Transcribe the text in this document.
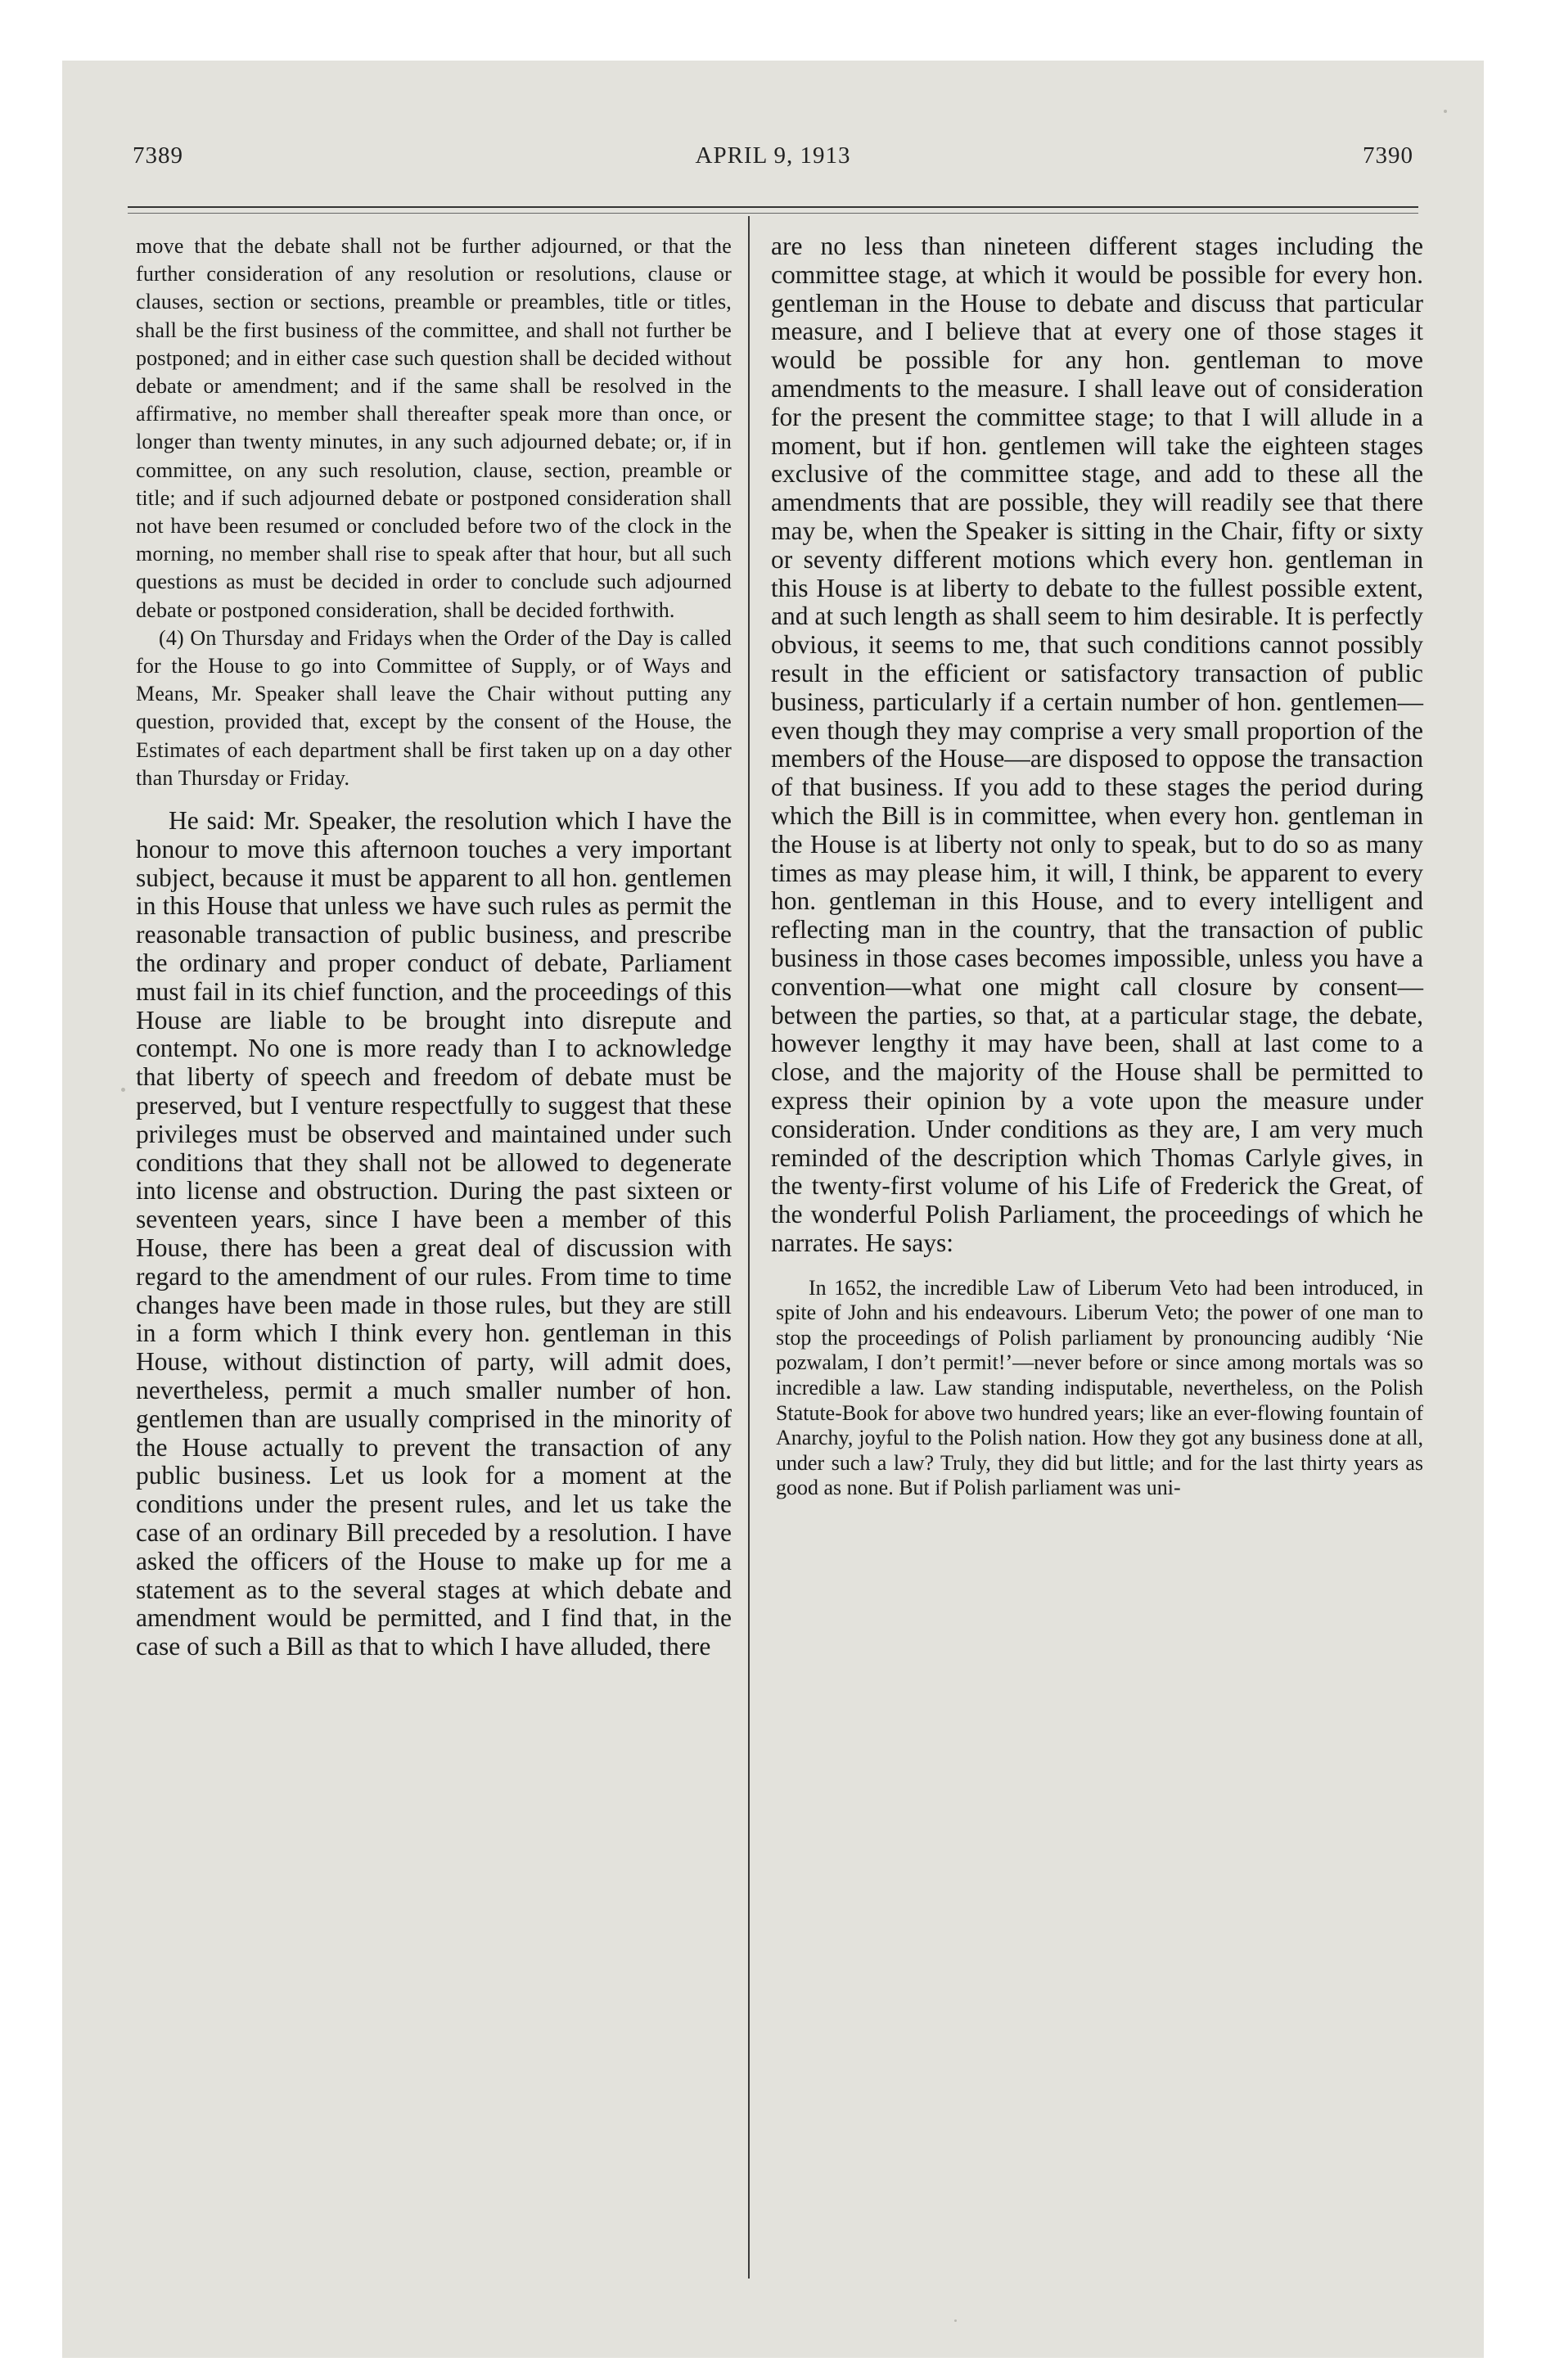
7389	APRIL 9, 1913	7390

move that the debate shall not be further adjourned, or that the further consideration of any resolution or resolutions, clause or clauses, section or sections, preamble or preambles, title or titles, shall be the first business of the committee, and shall not further be postponed; and in either case such question shall be decided without debate or amendment; and if the same shall be resolved in the affirmative, no member shall thereafter speak more than once, or longer than twenty minutes, in any such adjourned debate; or, if in committee, on any such resolution, clause, section, preamble or title; and if such adjourned debate or postponed consideration shall not have been resumed or concluded before two of the clock in the morning, no member shall rise to speak after that hour, but all such questions as must be decided in order to conclude such adjourned debate or postponed consideration, shall be decided forthwith.

(4) On Thursday and Fridays when the Order of the Day is called for the House to go into Committee of Supply, or of Ways and Means, Mr. Speaker shall leave the Chair without putting any question, provided that, except by the consent of the House, the Estimates of each department shall be first taken up on a day other than Thursday or Friday.

He said: Mr. Speaker, the resolution which I have the honour to move this afternoon touches a very important subject, because it must be apparent to all hon. gentlemen in this House that unless we have such rules as permit the reasonable transaction of public business, and prescribe the ordinary and proper conduct of debate, Parliament must fail in its chief function, and the proceedings of this House are liable to be brought into disrepute and contempt. No one is more ready than I to acknowledge that liberty of speech and freedom of debate must be preserved, but I venture respectfully to suggest that these privileges must be observed and maintained under such conditions that they shall not be allowed to degenerate into license and obstruction. During the past sixteen or seventeen years, since I have been a member of this House, there has been a great deal of discussion with regard to the amendment of our rules. From time to time changes have been made in those rules, but they are still in a form which I think every hon. gentleman in this House, without distinction of party, will admit does, nevertheless, permit a much smaller number of hon. gentlemen than are usually comprised in the minority of the House actually to prevent the transaction of any public business. Let us look for a moment at the conditions under the present rules, and let us take the case of an ordinary Bill preceded by a resolution. I have asked the officers of the House to make up for me a statement as to the several stages at which debate and amendment would be permitted, and I find that, in the case of such a Bill as that to which I have alluded, there

are no less than nineteen different stages including the committee stage, at which it would be possible for every hon. gentleman in the House to debate and discuss that particular measure, and I believe that at every one of those stages it would be possible for any hon. gentleman to move amendments to the measure. I shall leave out of consideration for the present the committee stage; to that I will allude in a moment, but if hon. gentlemen will take the eighteen stages exclusive of the committee stage, and add to these all the amendments that are possible, they will readily see that there may be, when the Speaker is sitting in the Chair, fifty or sixty or seventy different motions which every hon. gentleman in this House is at liberty to debate to the fullest possible extent, and at such length as shall seem to him desirable. It is perfectly obvious, it seems to me, that such conditions cannot possibly result in the efficient or satisfactory transaction of public business, particularly if a certain number of hon. gentlemen—even though they may comprise a very small proportion of the members of the House—are disposed to oppose the transaction of that business. If you add to these stages the period during which the Bill is in committee, when every hon. gentleman in the House is at liberty not only to speak, but to do so as many times as may please him, it will, I think, be apparent to every hon. gentleman in this House, and to every intelligent and reflecting man in the country, that the transaction of public business in those cases becomes impossible, unless you have a convention—what one might call closure by consent—between the parties, so that, at a particular stage, the debate, however lengthy it may have been, shall at last come to a close, and the majority of the House shall be permitted to express their opinion by a vote upon the measure under consideration. Under conditions as they are, I am very much reminded of the description which Thomas Carlyle gives, in the twenty-first volume of his Life of Frederick the Great, of the wonderful Polish Parliament, the proceedings of which he narrates. He says:

In 1652, the incredible Law of Liberum Veto had been introduced, in spite of John and his endeavours. Liberum Veto; the power of one man to stop the proceedings of Polish parliament by pronouncing audibly ‘Nie pozwalam, I don’t permit!’—never before or since among mortals was so incredible a law. Law standing indisputable, nevertheless, on the Polish Statute-Book for above two hundred years; like an ever-flowing fountain of Anarchy, joyful to the Polish nation. How they got any business done at all, under such a law? Truly, they did but little; and for the last thirty years as good as none. But if Polish parliament was uni-
